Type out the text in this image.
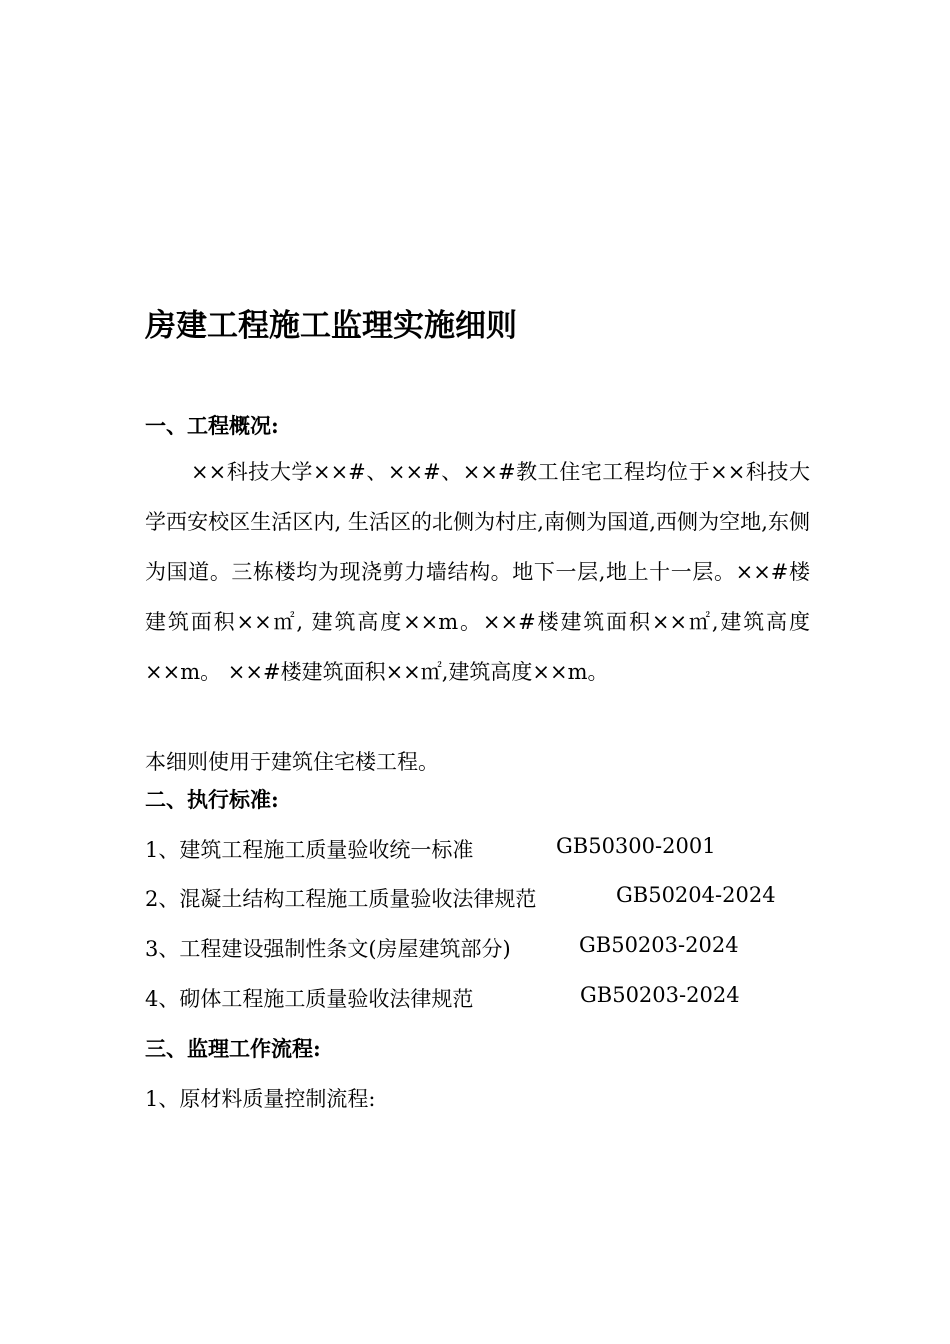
房建工程施工监理实施细则
一、工程概况:

××科技大学××#、××#、××#教工住宅工程均位于××科技大学西安校区生活区内, 生活区的北侧为村庄,南侧为国道,西侧为空地,东侧为国道。三栋楼均为现浇剪力墙结构。地下一层,地上十一层。××#楼建筑面积××㎡, 建筑高度××m。××#楼建筑面积××㎡,建筑高度××m。 ××#楼建筑面积××㎡,建筑高度××m。

本细则使用于建筑住宅楼工程。
二、执行标准:
1、建筑工程施工质量验收统一标准	GB50300-2001
2、混凝土结构工程施工质量验收法律规范	GB50204-2024
3、工程建设强制性条文(房屋建筑部分)	GB50203-2024
4、砌体工程施工质量验收法律规范	GB50203-2024
三、监理工作流程:
1、原材料质量控制流程:
